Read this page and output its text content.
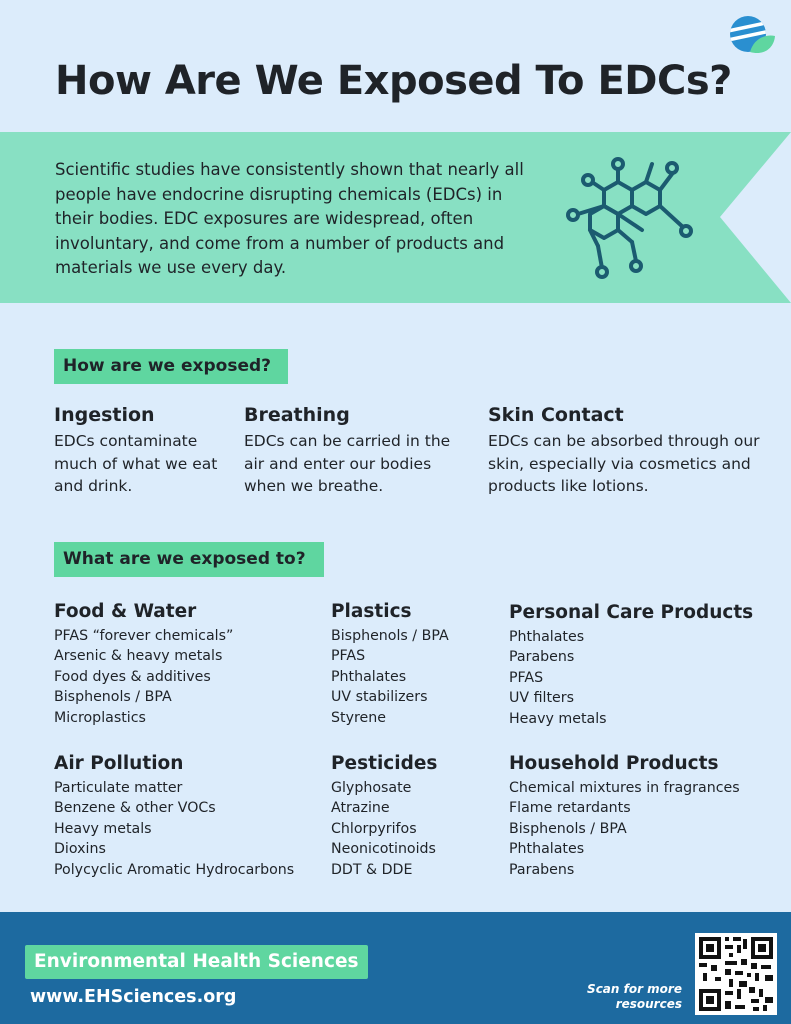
How Are We Exposed To EDCs?

Scientific studies have consistently shown that nearly all people have endocrine disrupting chemicals (EDCs) in their bodies. EDC exposures are widespread, often involuntary, and come from a number of products and materials we use every day.

How are we exposed?
Ingestion

EDCs contaminate much of what we eat and drink.

Breathing

EDCs can be carried in the air and enter our bodies when we breathe.

Skin Contact

EDCs can be absorbed through our skin, especially via cosmetics and products like lotions.

What are we exposed to?
Food & Water
PFAS “forever chemicals”
Arsenic & heavy metals
Food dyes & additives
Bisphenols / BPA
Microplastics
Plastics
Bisphenols / BPA
PFAS
Phthalates
UV stabilizers
Styrene
Personal Care Products
Phthalates
Parabens
PFAS
UV filters
Heavy metals
Air Pollution
Particulate matter
Benzene & other VOCs
Heavy metals
Dioxins
Polycyclic Aromatic Hydrocarbons
Pesticides
Glyphosate
Atrazine
Chlorpyrifos
Neonicotinoids
DDT & DDE
Household Products
Chemical mixtures in fragrances
Flame retardants
Bisphenols / BPA
Phthalates
Parabens
Environmental Health Sciences
www.EHSciences.org	Scan for more
resources
